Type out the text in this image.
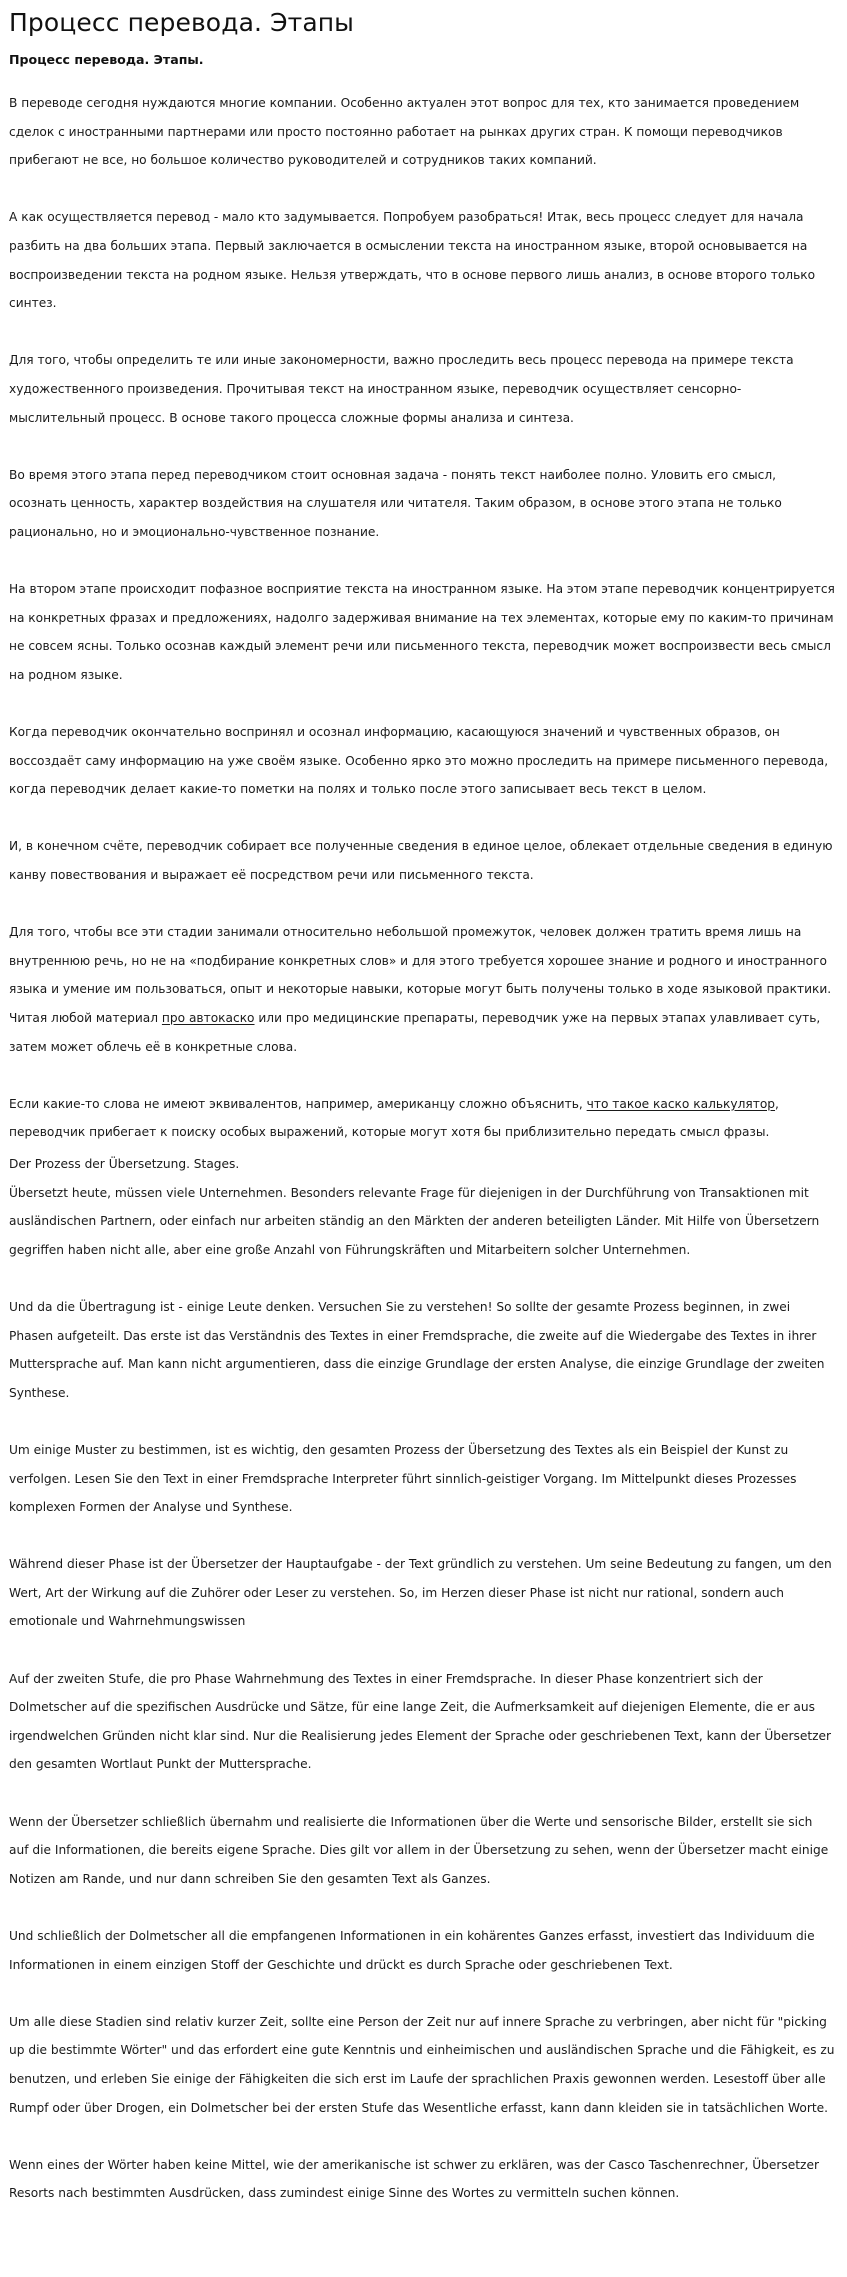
Процесс перевода. Этапы
Процесс перевода. Этапы.

В переводе сегодня нуждаются многие компании. Особенно актуален этот вопрос для тех, кто занимается проведением сделок с иностранными партнерами или просто постоянно работает на рынках других стран. К помощи переводчиков прибегают не все, но большое количество руководителей и сотрудников таких компаний.

А как осуществляется перевод - мало кто задумывается. Попробуем разобраться! Итак, весь процесс следует для начала разбить на два больших этапа. Первый заключается в осмыслении текста на иностранном языке, второй основывается на воспроизведении текста на родном языке. Нельзя утверждать, что в основе первого лишь анализ, в основе второго только синтез.

Для того, чтобы определить те или иные закономерности, важно проследить весь процесс перевода на примере текста художественного произведения. Прочитывая текст на иностранном языке, переводчик осуществляет сенсорно-мыслительный процесс. В основе такого процесса сложные формы анализа и синтеза.

Во время этого этапа перед переводчиком стоит основная задача - понять текст наиболее полно. Уловить его смысл, осознать ценность, характер воздействия на слушателя или читателя. Таким образом, в основе этого этапа не только рационально, но и эмоционально-чувственное познание.

На втором этапе происходит пофазное восприятие текста на иностранном языке. На этом этапе переводчик концентрируется на конкретных фразах и предложениях, надолго задерживая внимание на тех элементах, которые ему по каким-то причинам не совсем ясны. Только осознав каждый элемент речи или письменного текста, переводчик может воспроизвести весь смысл на родном языке.

Когда переводчик окончательно воспринял и осознал информацию, касающуюся значений и чувственных образов, он воссоздаёт саму информацию на уже своём языке. Особенно ярко это можно проследить на примере письменного перевода, когда переводчик делает какие-то пометки на полях и только после этого записывает весь текст в целом.

И, в конечном счёте, переводчик собирает все полученные сведения в единое целое, облекает отдельные сведения в единую канву повествования и выражает её посредством речи или письменного текста.

Для того, чтобы все эти стадии занимали относительно небольшой промежуток, человек должен тратить время лишь на внутреннюю речь, но не на «подбирание конкретных слов» и для этого требуется хорошее знание и родного и иностранного языка и умение им пользоваться, опыт и некоторые навыки, которые могут быть получены только в ходе языковой практики. Читая любой материал про автокаско или про медицинские препараты, переводчик уже на первых этапах улавливает суть, затем может облечь её в конкретные слова.

Если какие-то слова не имеют эквивалентов, например, американцу сложно объяснить, что такое каско калькулятор, переводчик прибегает к поиску особых выражений, которые могут хотя бы приблизительно передать смысл фразы.

Der Prozess der Übersetzung. Stages.

Übersetzt heute, müssen viele Unternehmen. Besonders relevante Frage für diejenigen in der Durchführung von Transaktionen mit ausländischen Partnern, oder einfach nur arbeiten ständig an den Märkten der anderen beteiligten Länder. Mit Hilfe von Übersetzern gegriffen haben nicht alle, aber eine große Anzahl von Führungskräften und Mitarbeitern solcher Unternehmen.

Und da die Übertragung ist - einige Leute denken. Versuchen Sie zu verstehen! So sollte der gesamte Prozess beginnen, in zwei Phasen aufgeteilt. Das erste ist das Verständnis des Textes in einer Fremdsprache, die zweite auf die Wiedergabe des Textes in ihrer Muttersprache auf. Man kann nicht argumentieren, dass die einzige Grundlage der ersten Analyse, die einzige Grundlage der zweiten Synthese.

Um einige Muster zu bestimmen, ist es wichtig, den gesamten Prozess der Übersetzung des Textes als ein Beispiel der Kunst zu verfolgen. Lesen Sie den Text in einer Fremdsprache Interpreter führt sinnlich-geistiger Vorgang. Im Mittelpunkt dieses Prozesses komplexen Formen der Analyse und Synthese.

Während dieser Phase ist der Übersetzer der Hauptaufgabe - der Text gründlich zu verstehen. Um seine Bedeutung zu fangen, um den Wert, Art der Wirkung auf die Zuhörer oder Leser zu verstehen. So, im Herzen dieser Phase ist nicht nur rational, sondern auch emotionale und Wahrnehmungswissen

Auf der zweiten Stufe, die pro Phase Wahrnehmung des Textes in einer Fremdsprache. In dieser Phase konzentriert sich der Dolmetscher auf die spezifischen Ausdrücke und Sätze, für eine lange Zeit, die Aufmerksamkeit auf diejenigen Elemente, die er aus irgendwelchen Gründen nicht klar sind. Nur die Realisierung jedes Element der Sprache oder geschriebenen Text, kann der Übersetzer den gesamten Wortlaut Punkt der Muttersprache.

Wenn der Übersetzer schließlich übernahm und realisierte die Informationen über die Werte und sensorische Bilder, erstellt sie sich auf die Informationen, die bereits eigene Sprache. Dies gilt vor allem in der Übersetzung zu sehen, wenn der Übersetzer macht einige Notizen am Rande, und nur dann schreiben Sie den gesamten Text als Ganzes.

Und schließlich der Dolmetscher all die empfangenen Informationen in ein kohärentes Ganzes erfasst, investiert das Individuum die Informationen in einem einzigen Stoff der Geschichte und drückt es durch Sprache oder geschriebenen Text.

Um alle diese Stadien sind relativ kurzer Zeit, sollte eine Person der Zeit nur auf innere Sprache zu verbringen, aber nicht für "picking up die bestimmte Wörter" und das erfordert eine gute Kenntnis und einheimischen und ausländischen Sprache und die Fähigkeit, es zu benutzen, und erleben Sie einige der Fähigkeiten die sich erst im Laufe der sprachlichen Praxis gewonnen werden. Lesestoff über alle Rumpf oder über Drogen, ein Dolmetscher bei der ersten Stufe das Wesentliche erfasst, kann dann kleiden sie in tatsächlichen Worte.

Wenn eines der Wörter haben keine Mittel, wie der amerikanische ist schwer zu erklären, was der Casco Taschenrechner, Übersetzer Resorts nach bestimmten Ausdrücken, dass zumindest einige Sinne des Wortes zu vermitteln suchen können.
